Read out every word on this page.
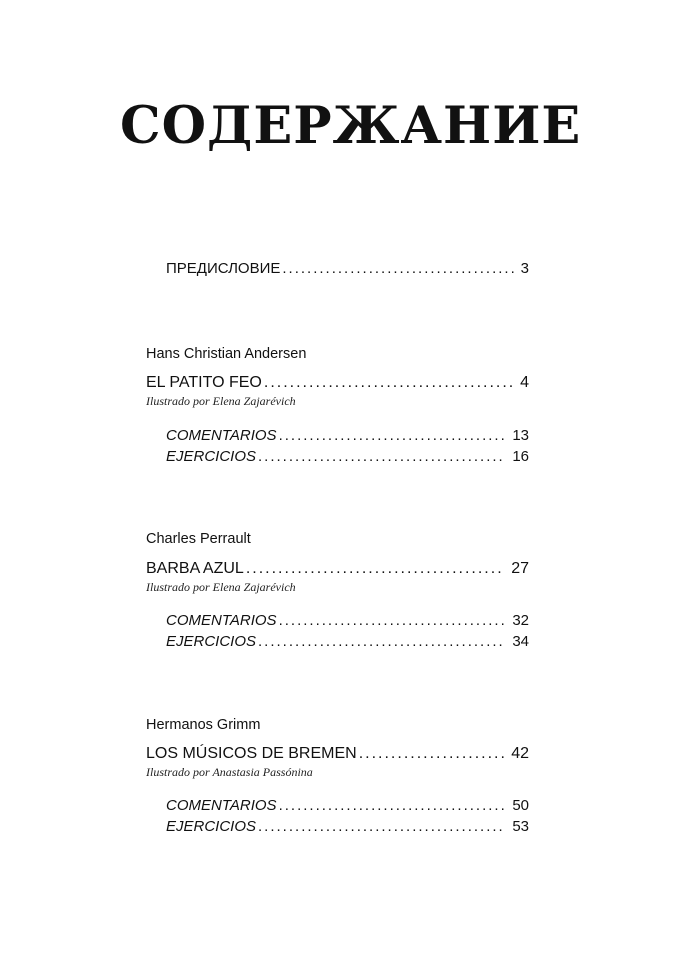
СОДЕРЖАНИЕ
ПРЕДИСЛОВИЕ .....	3
Hans Christian Andersen
EL PATITO FEO .....	4
Ilustrado por Elena Zajarévich
COMENTARIOS .....	13
EJERCICIOS .....	16
Charles Perrault
BARBA AZUL .....	27
Ilustrado por Elena Zajarévich
COMENTARIOS .....	32
EJERCICIOS .....	34
Hermanos Grimm
LOS MÚSICOS DE BREMEN .....	42
Ilustrado por Anastasia Passónina
COMENTARIOS .....	50
EJERCICIOS .....	53
